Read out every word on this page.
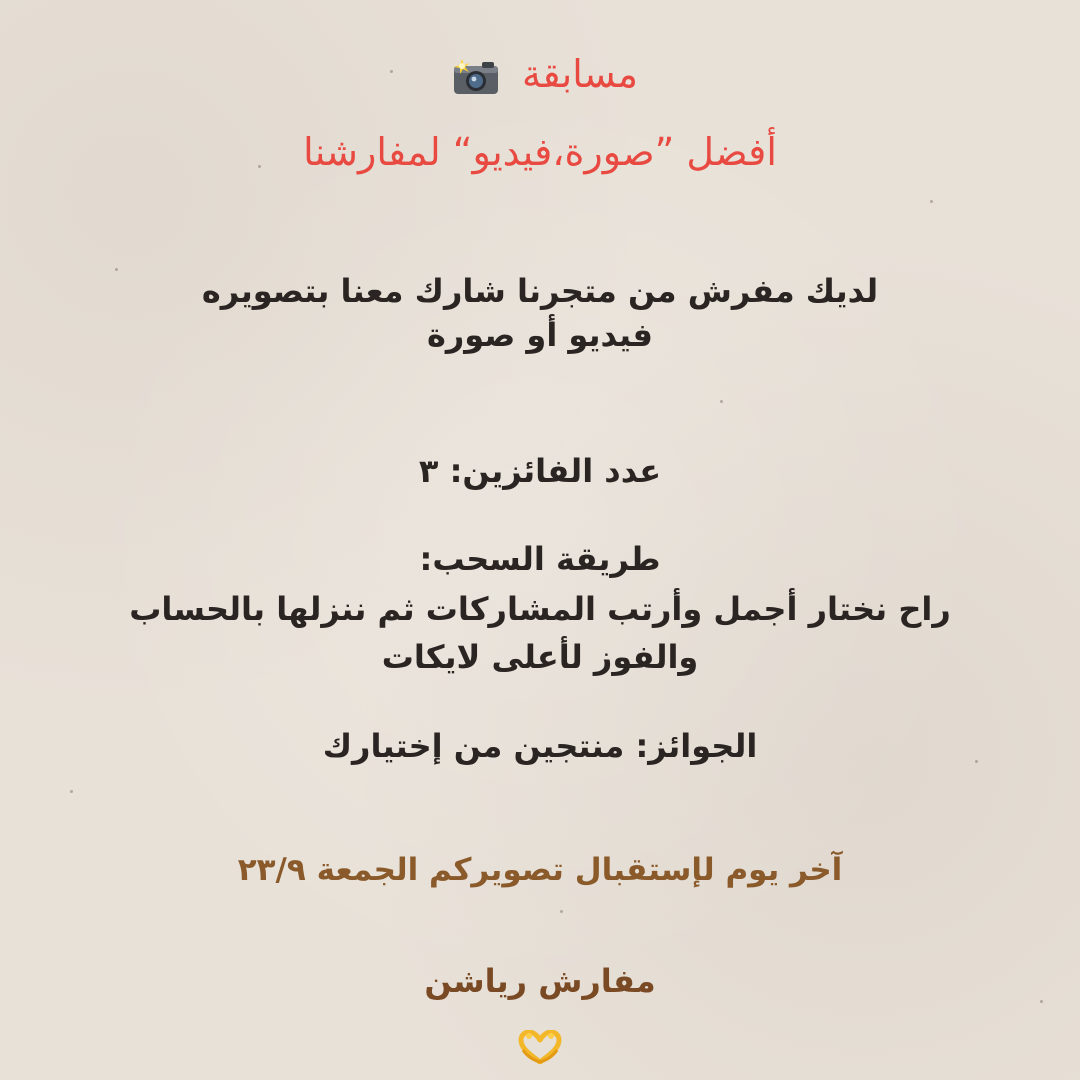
مسابقة
أفضل ”صورة،فيديو“ لمفارشنا
لديك مفرش من متجرنا شارك معنا بتصويره
فيديو أو صورة
عدد الفائزين: ٣
طريقة السحب:
راح نختار أجمل وأرتب المشاركات ثم ننزلها بالحساب
والفوز لأعلى لايكات
الجوائز: منتجين من إختيارك
آخر يوم لإستقبال تصويركم الجمعة ٢٣/٩
مفارش رياشن
